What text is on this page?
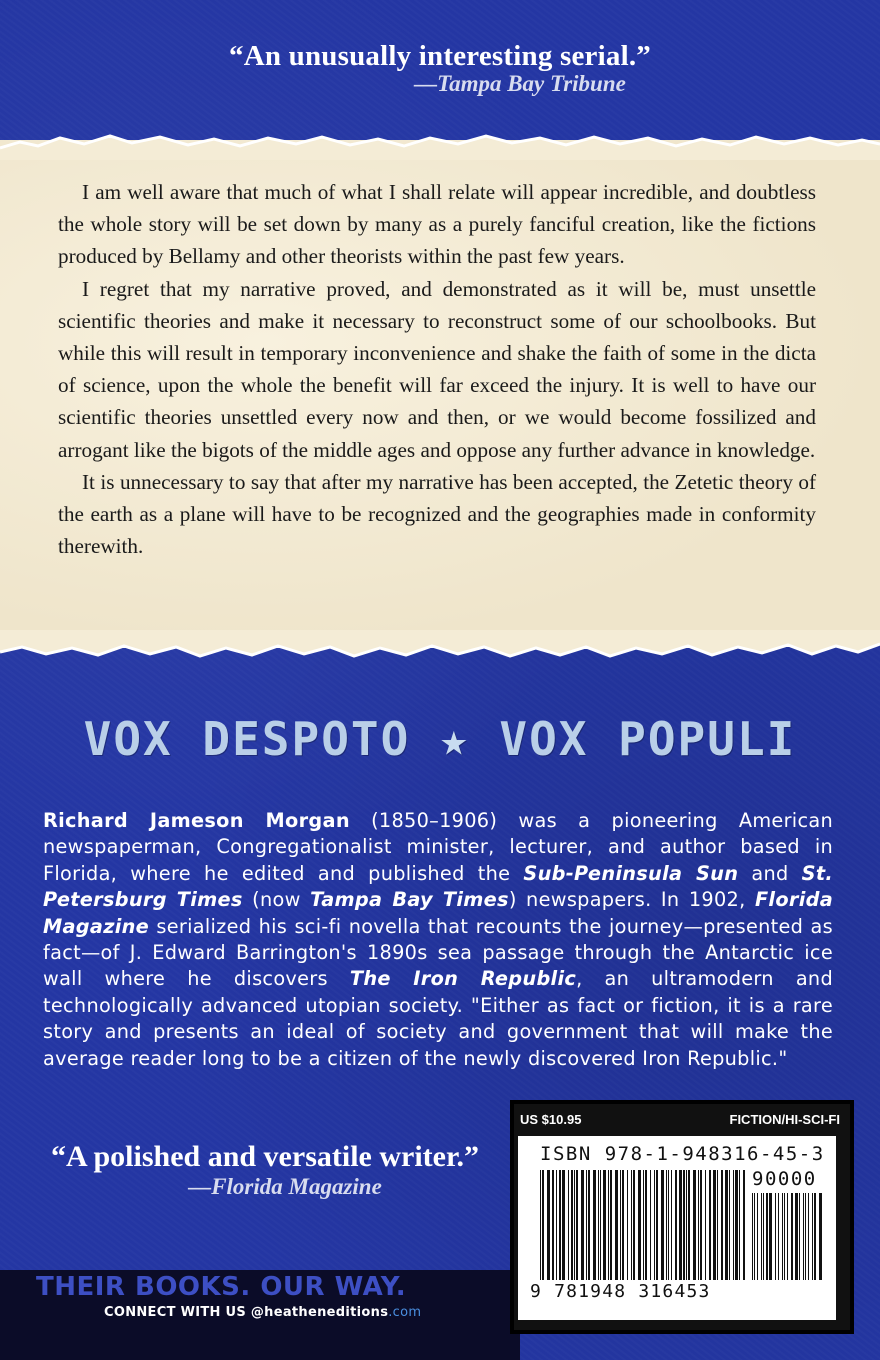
“An unusually interesting serial.”
—Tampa Bay Tribune

I am well aware that much of what I shall relate will appear incredible, and doubtless the whole story will be set down by many as a purely fanciful creation, like the fictions produced by Bellamy and other theorists within the past few years.

I regret that my narrative proved, and demonstrated as it will be, must unsettle scientific theories and make it necessary to reconstruct some of our schoolbooks. But while this will result in temporary inconvenience and shake the faith of some in the dicta of science, upon the whole the benefit will far exceed the injury. It is well to have our scientific theories unsettled every now and then, or we would become fossilized and arrogant like the bigots of the middle ages and oppose any further advance in knowledge.

It is unnecessary to say that after my narrative has been accepted, the Zetetic theory of the earth as a plane will have to be recognized and the geographies made in conformity therewith.

VOX DESPOTO ★ VOX POPULI
Richard Jameson Morgan (1850–1906) was a pioneering American newspaperman, Congregationalist minister, lecturer, and author based in Florida, where he edited and published the Sub-Peninsula Sun and St. Petersburg Times (now Tampa Bay Times) newspapers. In 1902, Florida Magazine serialized his sci-fi novella that recounts the journey—presented as fact—of J. Edward Barrington's 1890s sea passage through the Antarctic ice wall where he discovers The Iron Republic, an ultramodern and technologically advanced utopian society. "Either as fact or fiction, it is a rare story and presents an ideal of society and government that will make the average reader long to be a citizen of the newly discovered Iron Republic."
“A polished and versatile writer.”
—Florida Magazine
THEIR BOOKS. OUR WAY.
CONNECT WITH US @heatheneditions.com
US $10.95	FICTION/HI-SCI-FI
ISBN 978-1-948316-45-3
90000
9 781948 316453
